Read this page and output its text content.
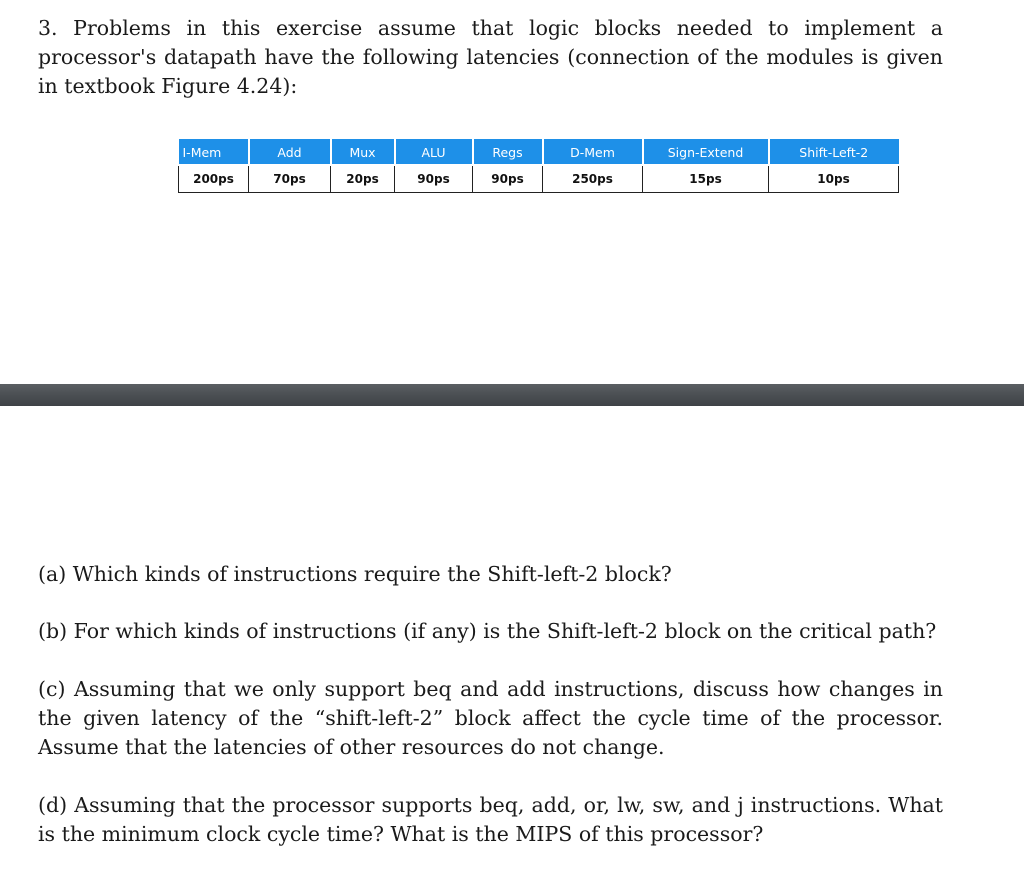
3. Problems in this exercise assume that logic blocks needed to implement a processor's datapath have the following latencies (connection of the modules is given in textbook Figure 4.24):

I-Mem	Add	Mux	ALU	Regs	D-Mem	Sign-Extend	Shift-Left-2
200ps	70ps	20ps	90ps	90ps	250ps	15ps	10ps

(a) Which kinds of instructions require the Shift-left-2 block?

(b) For which kinds of instructions (if any) is the Shift-left-2 block on the critical path?

(c) Assuming that we only support beq and add instructions, discuss how changes in the given latency of the “shift-left-2” block affect the cycle time of the processor. Assume that the latencies of other resources do not change.

(d) Assuming that the processor supports beq, add, or, lw, sw, and j instructions. What is the minimum clock cycle time? What is the MIPS of this processor?
